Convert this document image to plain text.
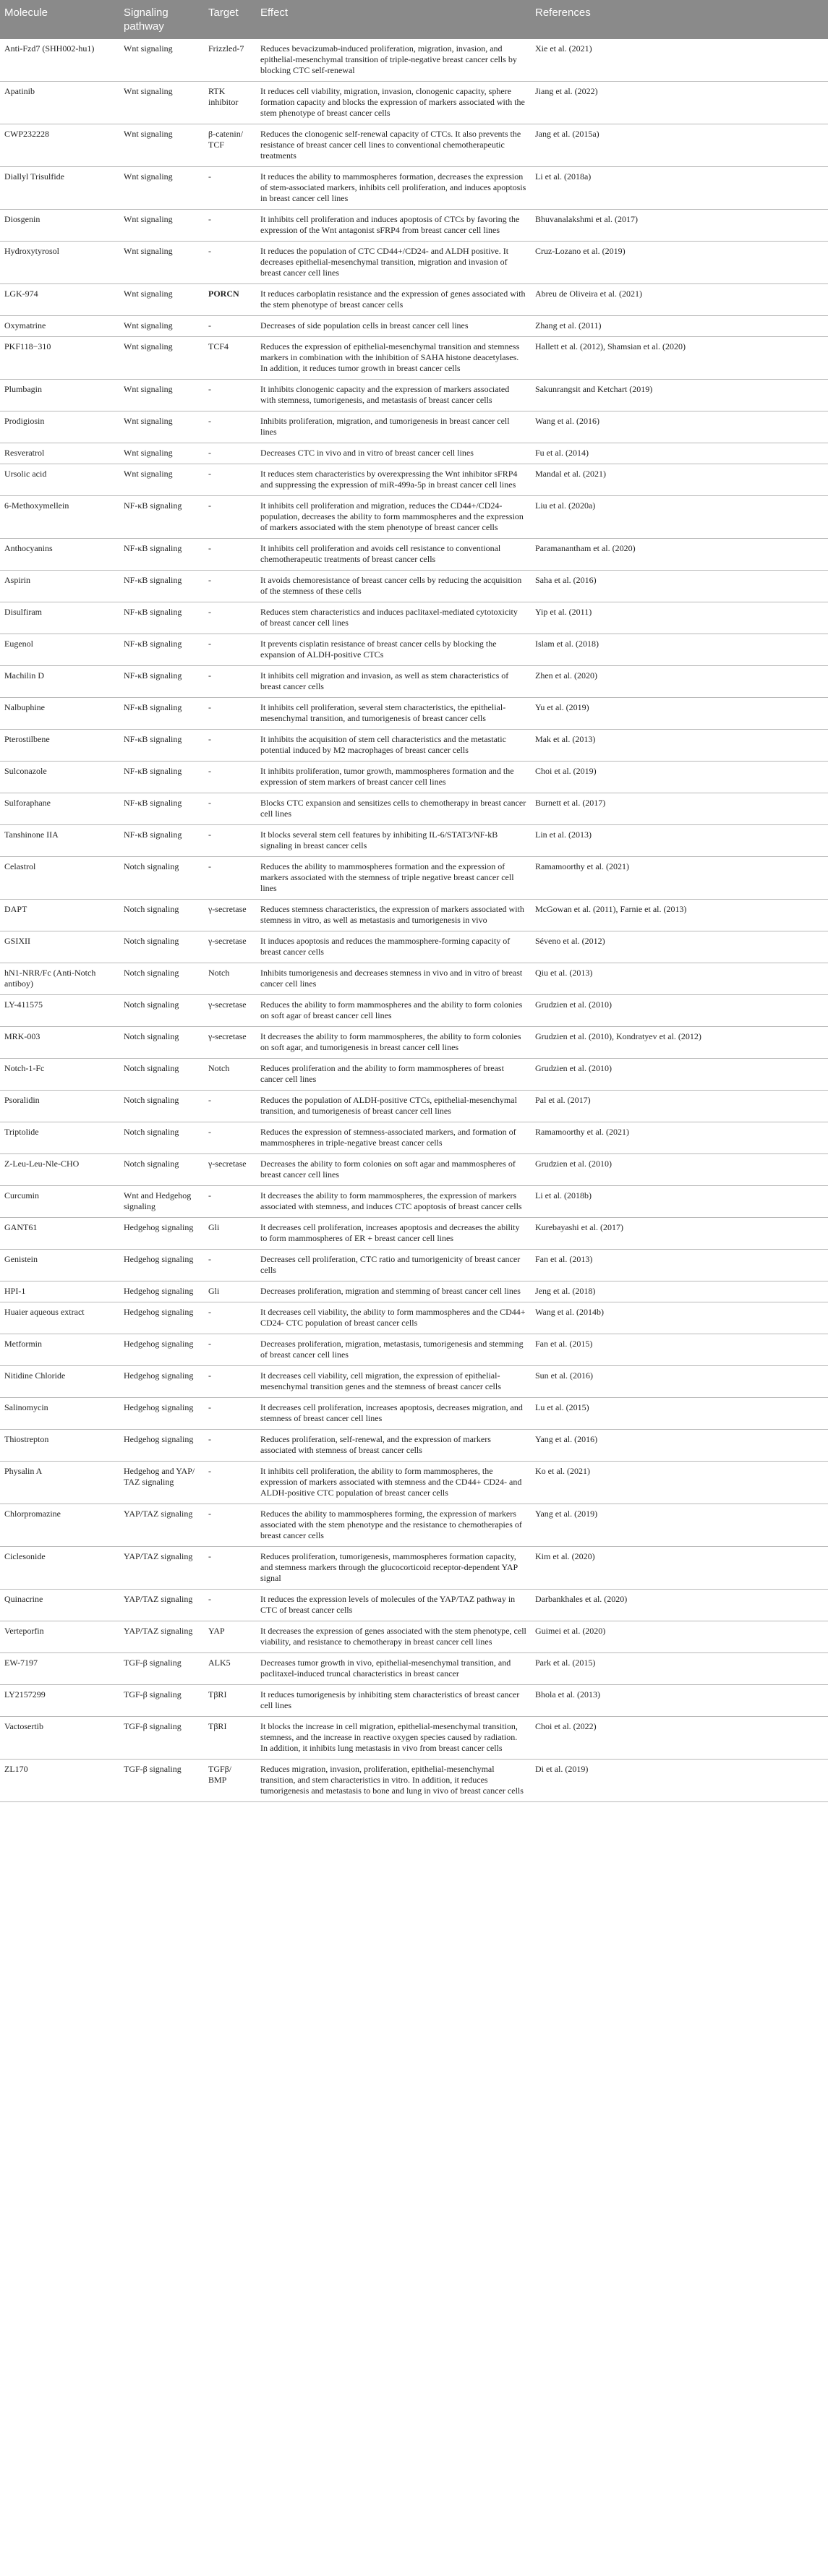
Molecule	Signaling pathway	Target	Effect	References
Anti-Fzd7 (SHH002-hu1)	Wnt signaling	Frizzled-7	Reduces bevacizumab-induced proliferation, migration, invasion, and epithelial-mesenchymal transition of triple-negative breast cancer cells by blocking CTC self-renewal	Xie et al. (2021)
Apatinib	Wnt signaling	RTK inhibitor	It reduces cell viability, migration, invasion, clonogenic capacity, sphere formation capacity and blocks the expression of markers associated with the stem phenotype of breast cancer cells	Jiang et al. (2022)
CWP232228	Wnt signaling	β-catenin/ TCF	Reduces the clonogenic self-renewal capacity of CTCs. It also prevents the resistance of breast cancer cell lines to conventional chemotherapeutic treatments	Jang et al. (2015a)
Diallyl Trisulfide	Wnt signaling	-	It reduces the ability to mammospheres formation, decreases the expression of stem-associated markers, inhibits cell proliferation, and induces apoptosis in breast cancer cell lines	Li et al. (2018a)
Diosgenin	Wnt signaling	-	It inhibits cell proliferation and induces apoptosis of CTCs by favoring the expression of the Wnt antagonist sFRP4 from breast cancer cell lines	Bhuvanalakshmi et al. (2017)
Hydroxytyrosol	Wnt signaling	-	It reduces the population of CTC CD44+/CD24- and ALDH positive. It decreases epithelial-mesenchymal transition, migration and invasion of breast cancer cell lines	Cruz-Lozano et al. (2019)
LGK-974	Wnt signaling	PORCN	It reduces carboplatin resistance and the expression of genes associated with the stem phenotype of breast cancer cells	Abreu de Oliveira et al. (2021)
Oxymatrine	Wnt signaling	-	Decreases of side population cells in breast cancer cell lines	Zhang et al. (2011)
PKF118−310	Wnt signaling	TCF4	Reduces the expression of epithelial-mesenchymal transition and stemness markers in combination with the inhibition of SAHA histone deacetylases. In addition, it reduces tumor growth in breast cancer cells	Hallett et al. (2012), Shamsian et al. (2020)
Plumbagin	Wnt signaling	-	It inhibits clonogenic capacity and the expression of markers associated with stemness, tumorigenesis, and metastasis of breast cancer cells	Sakunrangsit and Ketchart (2019)
Prodigiosin	Wnt signaling	-	Inhibits proliferation, migration, and tumorigenesis in breast cancer cell lines	Wang et al. (2016)
Resveratrol	Wnt signaling	-	Decreases CTC in vivo and in vitro of breast cancer cell lines	Fu et al. (2014)
Ursolic acid	Wnt signaling	-	It reduces stem characteristics by overexpressing the Wnt inhibitor sFRP4 and suppressing the expression of miR-499a-5p in breast cancer cell lines	Mandal et al. (2021)
6-Methoxymellein	NF-κB signaling	-	It inhibits cell proliferation and migration, reduces the CD44+/CD24- population, decreases the ability to form mammospheres and the expression of markers associated with the stem phenotype of breast cancer cells	Liu et al. (2020a)
Anthocyanins	NF-κB signaling	-	It inhibits cell proliferation and avoids cell resistance to conventional chemotherapeutic treatments of breast cancer cells	Paramanantham et al. (2020)
Aspirin	NF-κB signaling	-	It avoids chemoresistance of breast cancer cells by reducing the acquisition of the stemness of these cells	Saha et al. (2016)
Disulfiram	NF-κB signaling	-	Reduces stem characteristics and induces paclitaxel-mediated cytotoxicity of breast cancer cell lines	Yip et al. (2011)
Eugenol	NF-κB signaling	-	It prevents cisplatin resistance of breast cancer cells by blocking the expansion of ALDH-positive CTCs	Islam et al. (2018)
Machilin D	NF-κB signaling	-	It inhibits cell migration and invasion, as well as stem characteristics of breast cancer cells	Zhen et al. (2020)
Nalbuphine	NF-κB signaling	-	It inhibits cell proliferation, several stem characteristics, the epithelial-mesenchymal transition, and tumorigenesis of breast cancer cells	Yu et al. (2019)
Pterostilbene	NF-κB signaling	-	It inhibits the acquisition of stem cell characteristics and the metastatic potential induced by M2 macrophages of breast cancer cells	Mak et al. (2013)
Sulconazole	NF-κB signaling	-	It inhibits proliferation, tumor growth, mammospheres formation and the expression of stem markers of breast cancer cell lines	Choi et al. (2019)
Sulforaphane	NF-κB signaling	-	Blocks CTC expansion and sensitizes cells to chemotherapy in breast cancer cell lines	Burnett et al. (2017)
Tanshinone IIA	NF-κB signaling	-	It blocks several stem cell features by inhibiting IL-6/STAT3/NF-kB signaling in breast cancer cells	Lin et al. (2013)
Celastrol	Notch signaling	-	Reduces the ability to mammospheres formation and the expression of markers associated with the stemness of triple negative breast cancer cell lines	Ramamoorthy et al. (2021)
DAPT	Notch signaling	γ-secretase	Reduces stemness characteristics, the expression of markers associated with stemness in vitro, as well as metastasis and tumorigenesis in vivo	McGowan et al. (2011), Farnie et al. (2013)
GSIXII	Notch signaling	γ-secretase	It induces apoptosis and reduces the mammosphere-forming capacity of breast cancer cells	Séveno et al. (2012)
hN1-NRR/Fc (Anti-Notch antiboy)	Notch signaling	Notch	Inhibits tumorigenesis and decreases stemness in vivo and in vitro of breast cancer cell lines	Qiu et al. (2013)
LY-411575	Notch signaling	γ-secretase	Reduces the ability to form mammospheres and the ability to form colonies on soft agar of breast cancer cell lines	Grudzien et al. (2010)
MRK-003	Notch signaling	γ-secretase	It decreases the ability to form mammospheres, the ability to form colonies on soft agar, and tumorigenesis in breast cancer cell lines	Grudzien et al. (2010), Kondratyev et al. (2012)
Notch-1-Fc	Notch signaling	Notch	Reduces proliferation and the ability to form mammospheres of breast cancer cell lines	Grudzien et al. (2010)
Psoralidin	Notch signaling	-	Reduces the population of ALDH-positive CTCs, epithelial-mesenchymal transition, and tumorigenesis of breast cancer cell lines	Pal et al. (2017)
Triptolide	Notch signaling	-	Reduces the expression of stemness-associated markers, and formation of mammospheres in triple-negative breast cancer cells	Ramamoorthy et al. (2021)
Z-Leu-Leu-Nle-CHO	Notch signaling	γ-secretase	Decreases the ability to form colonies on soft agar and mammospheres of breast cancer cell lines	Grudzien et al. (2010)
Curcumin	Wnt and Hedgehog signaling	-	It decreases the ability to form mammospheres, the expression of markers associated with stemness, and induces CTC apoptosis of breast cancer cells	Li et al. (2018b)
GANT61	Hedgehog signaling	Gli	It decreases cell proliferation, increases apoptosis and decreases the ability to form mammospheres of ER + breast cancer cell lines	Kurebayashi et al. (2017)
Genistein	Hedgehog signaling	-	Decreases cell proliferation, CTC ratio and tumorigenicity of breast cancer cells	Fan et al. (2013)
HPI-1	Hedgehog signaling	Gli	Decreases proliferation, migration and stemming of breast cancer cell lines	Jeng et al. (2018)
Huaier aqueous extract	Hedgehog signaling	-	It decreases cell viability, the ability to form mammospheres and the CD44+ CD24- CTC population of breast cancer cells	Wang et al. (2014b)
Metformin	Hedgehog signaling	-	Decreases proliferation, migration, metastasis, tumorigenesis and stemming of breast cancer cell lines	Fan et al. (2015)
Nitidine Chloride	Hedgehog signaling	-	It decreases cell viability, cell migration, the expression of epithelial-mesenchymal transition genes and the stemness of breast cancer cells	Sun et al. (2016)
Salinomycin	Hedgehog signaling	-	It decreases cell proliferation, increases apoptosis, decreases migration, and stemness of breast cancer cell lines	Lu et al. (2015)
Thiostrepton	Hedgehog signaling	-	Reduces proliferation, self-renewal, and the expression of markers associated with stemness of breast cancer cells	Yang et al. (2016)
Physalin A	Hedgehog and YAP/ TAZ signaling	-	It inhibits cell proliferation, the ability to form mammospheres, the expression of markers associated with stemness and the CD44+ CD24- and ALDH-positive CTC population of breast cancer cells	Ko et al. (2021)
Chlorpromazine	YAP/TAZ signaling	-	Reduces the ability to mammospheres forming, the expression of markers associated with the stem phenotype and the resistance to chemotherapies of breast cancer cells	Yang et al. (2019)
Ciclesonide	YAP/TAZ signaling	-	Reduces proliferation, tumorigenesis, mammospheres formation capacity, and stemness markers through the glucocorticoid receptor-dependent YAP signal	Kim et al. (2020)
Quinacrine	YAP/TAZ signaling	-	It reduces the expression levels of molecules of the YAP/TAZ pathway in CTC of breast cancer cells	Darbankhales et al. (2020)
Verteporfin	YAP/TAZ signaling	YAP	It decreases the expression of genes associated with the stem phenotype, cell viability, and resistance to chemotherapy in breast cancer cell lines	Guimei et al. (2020)
EW-7197	TGF-β signaling	ALK5	Decreases tumor growth in vivo, epithelial-mesenchymal transition, and paclitaxel-induced truncal characteristics in breast cancer	Park et al. (2015)
LY2157299	TGF-β signaling	TβRI	It reduces tumorigenesis by inhibiting stem characteristics of breast cancer cell lines	Bhola et al. (2013)
Vactosertib	TGF-β signaling	TβRI	It blocks the increase in cell migration, epithelial-mesenchymal transition, stemness, and the increase in reactive oxygen species caused by radiation. In addition, it inhibits lung metastasis in vivo from breast cancer cells	Choi et al. (2022)
ZL170	TGF-β signaling	TGFβ/ BMP	Reduces migration, invasion, proliferation, epithelial-mesenchymal transition, and stem characteristics in vitro. In addition, it reduces tumorigenesis and metastasis to bone and lung in vivo of breast cancer cells	Di et al. (2019)
